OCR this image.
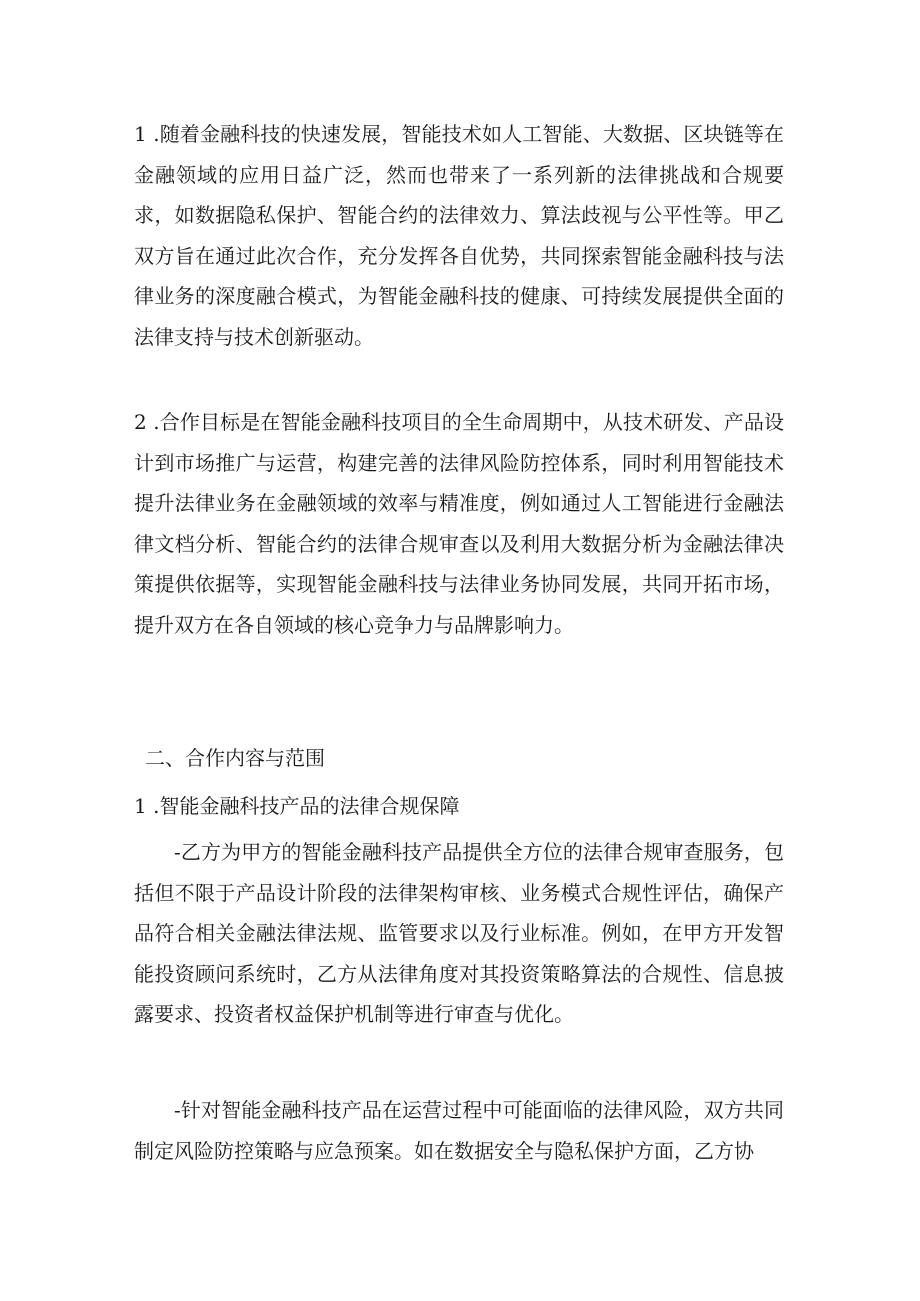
1 .随着金融科技的快速发展，智能技术如人工智能、大数据、区块链等在金融领域的应用日益广泛，然而也带来了一系列新的法律挑战和合规要求，如数据隐私保护、智能合约的法律效力、算法歧视与公平性等。甲乙双方旨在通过此次合作，充分发挥各自优势，共同探索智能金融科技与法律业务的深度融合模式，为智能金融科技的健康、可持续发展提供全面的法律支持与技术创新驱动。

2 .合作目标是在智能金融科技项目的全生命周期中，从技术研发、产品设计到市场推广与运营，构建完善的法律风险防控体系，同时利用智能技术提升法律业务在金融领域的效率与精准度，例如通过人工智能进行金融法律文档分析、智能合约的法律合规审查以及利用大数据分析为金融法律决策提供依据等，实现智能金融科技与法律业务协同发展，共同开拓市场，提升双方在各自领域的核心竞争力与品牌影响力。

二、合作内容与范围

1 .智能金融科技产品的法律合规保障

-乙方为甲方的智能金融科技产品提供全方位的法律合规审查服务，包括但不限于产品设计阶段的法律架构审核、业务模式合规性评估，确保产品符合相关金融法律法规、监管要求以及行业标准。例如，在甲方开发智能投资顾问系统时，乙方从法律角度对其投资策略算法的合规性、信息披露要求、投资者权益保护机制等进行审查与优化。

-针对智能金融科技产品在运营过程中可能面临的法律风险，双方共同制定风险防控策略与应急预案。如在数据安全与隐私保护方面，乙方协
